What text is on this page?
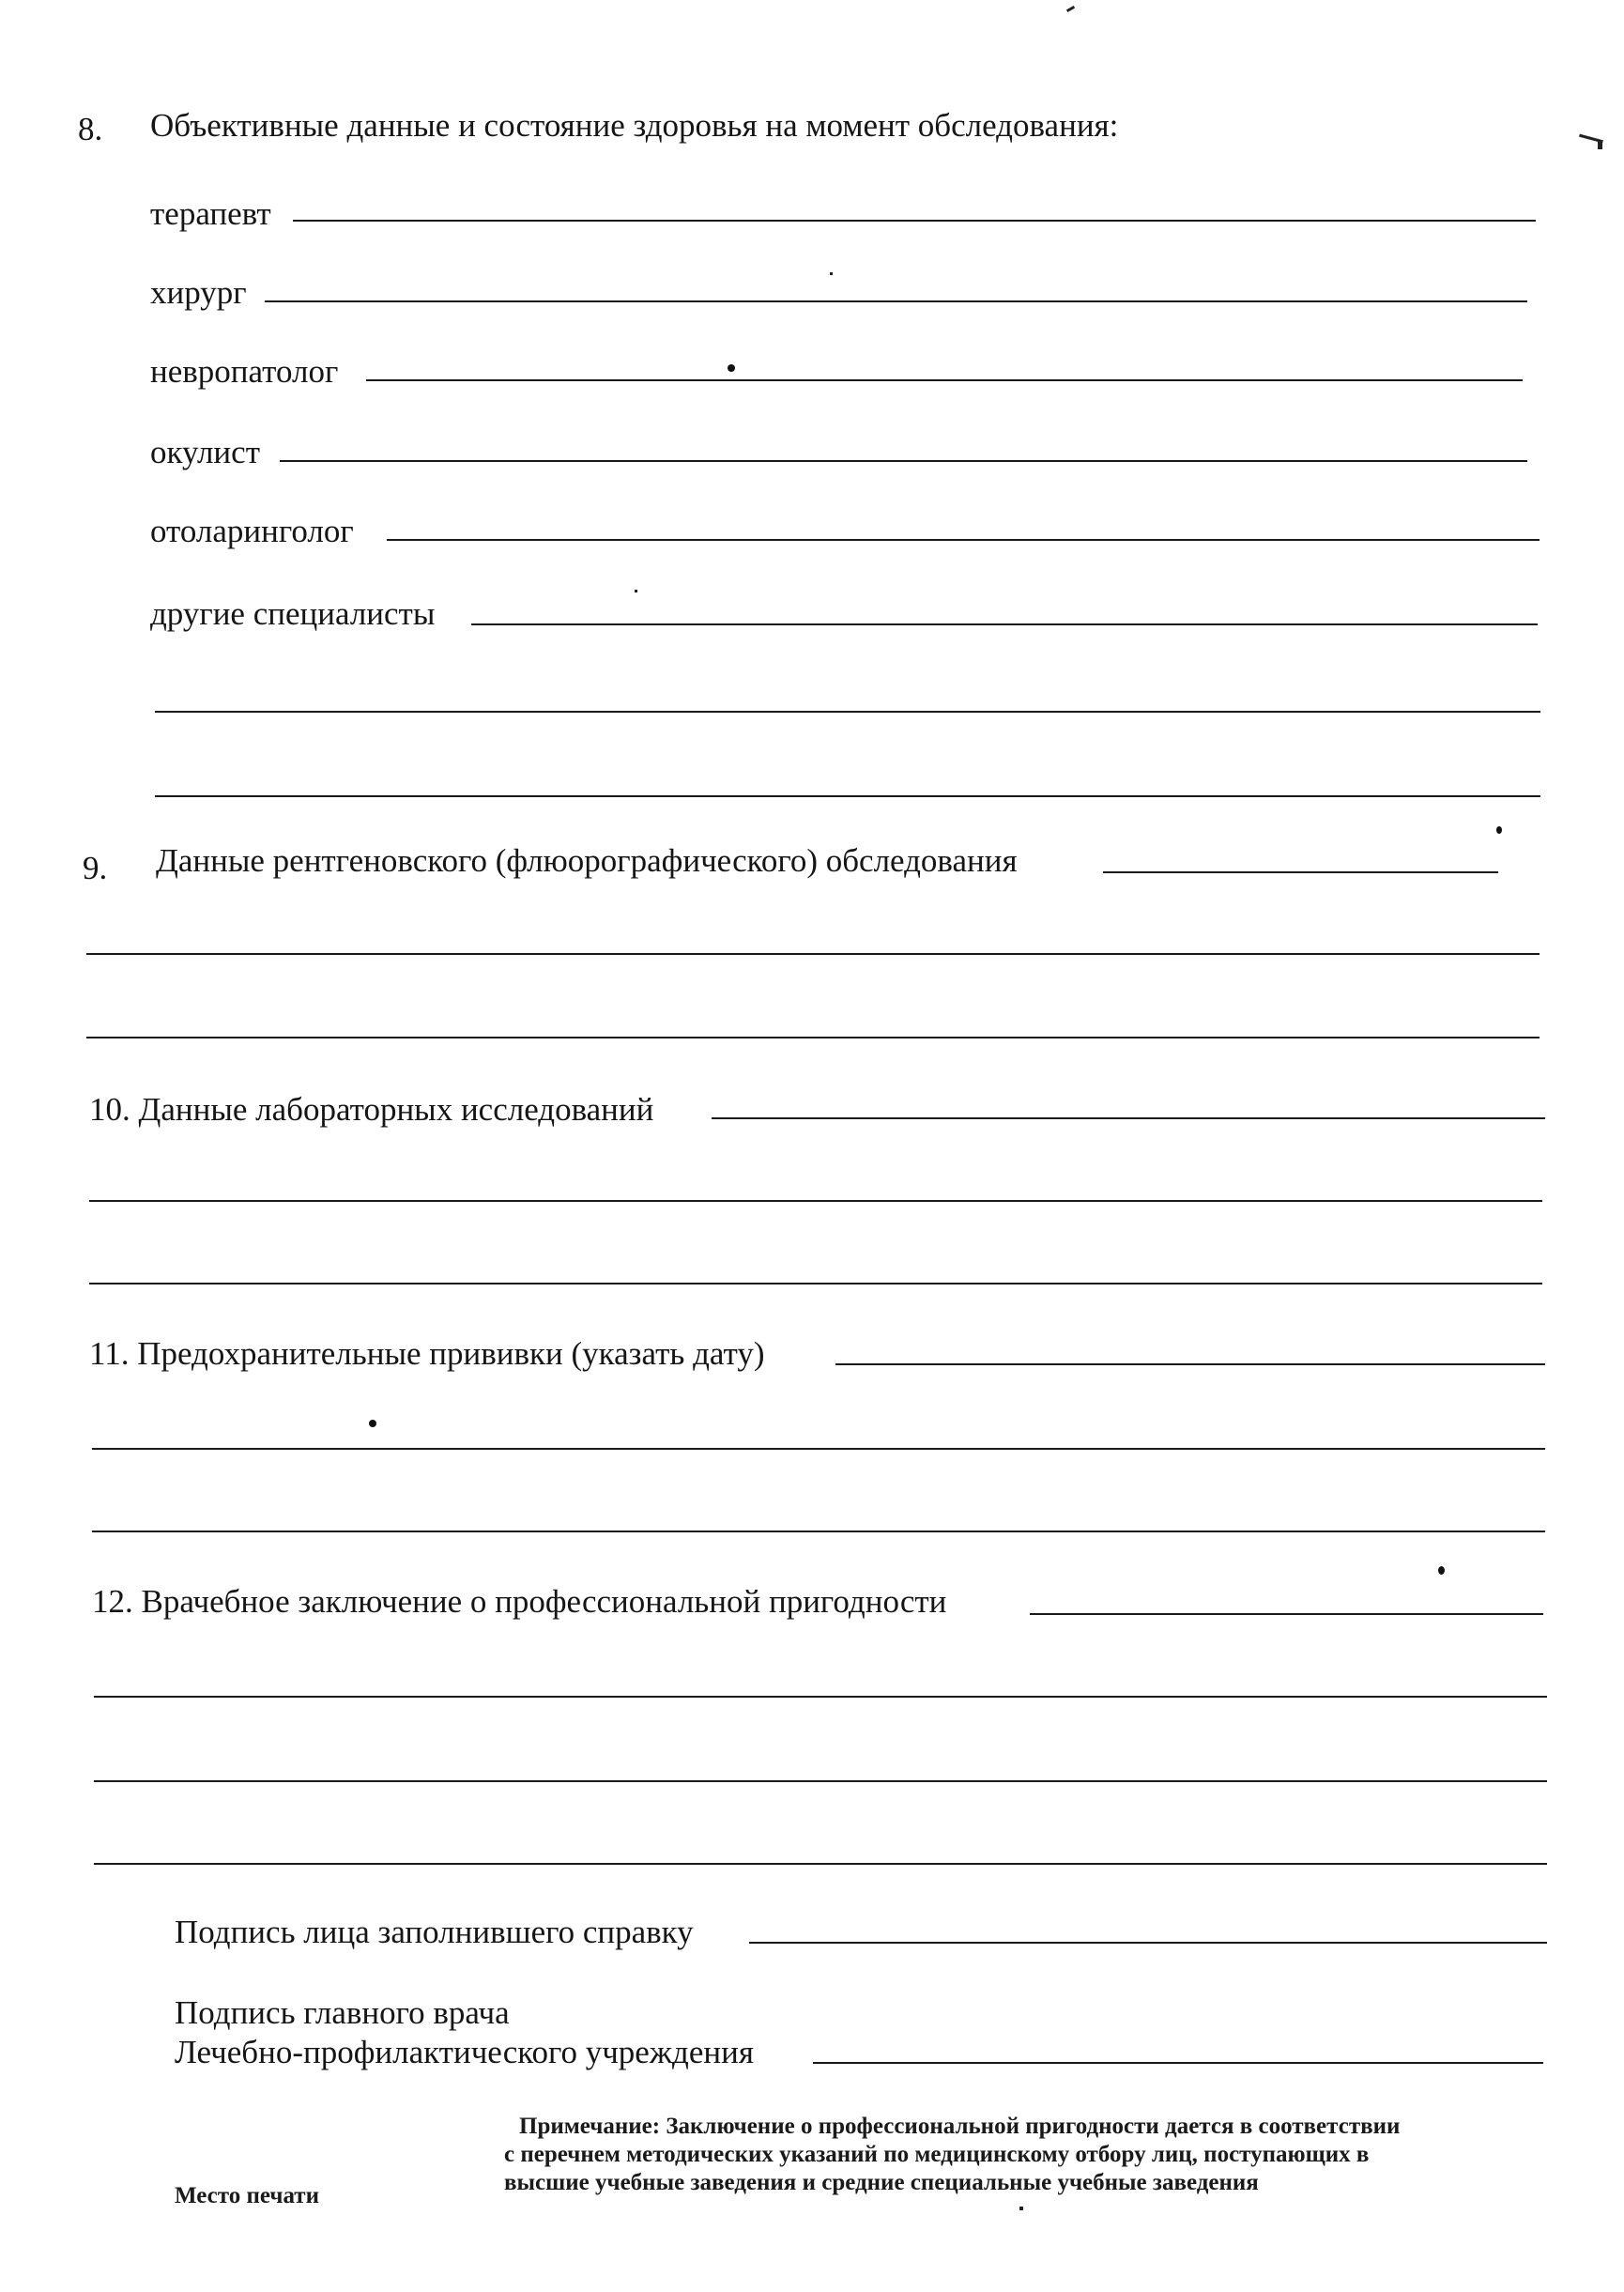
8. Объективные данные и состояние здоровья на момент обследования:
терапевт
хирург
невропатолог
окулист
отоларинголог
другие специалисты
9. Данные рентгеновского (флюорографического) обследования
10. Данные лабораторных исследований
11. Предохранительные прививки (указать дату)
12. Врачебное заключение о профессиональной пригодности
Подпись лица заполнившего справку
Подпись главного врача
Лечебно-профилактического учреждения
Примечание: Заключение о профессиональной пригодности дается в соответствии
с перечнем методических указаний по медицинскому отбору лиц, поступающих в
высшие учебные заведения и средние специальные учебные заведения
Место печати
